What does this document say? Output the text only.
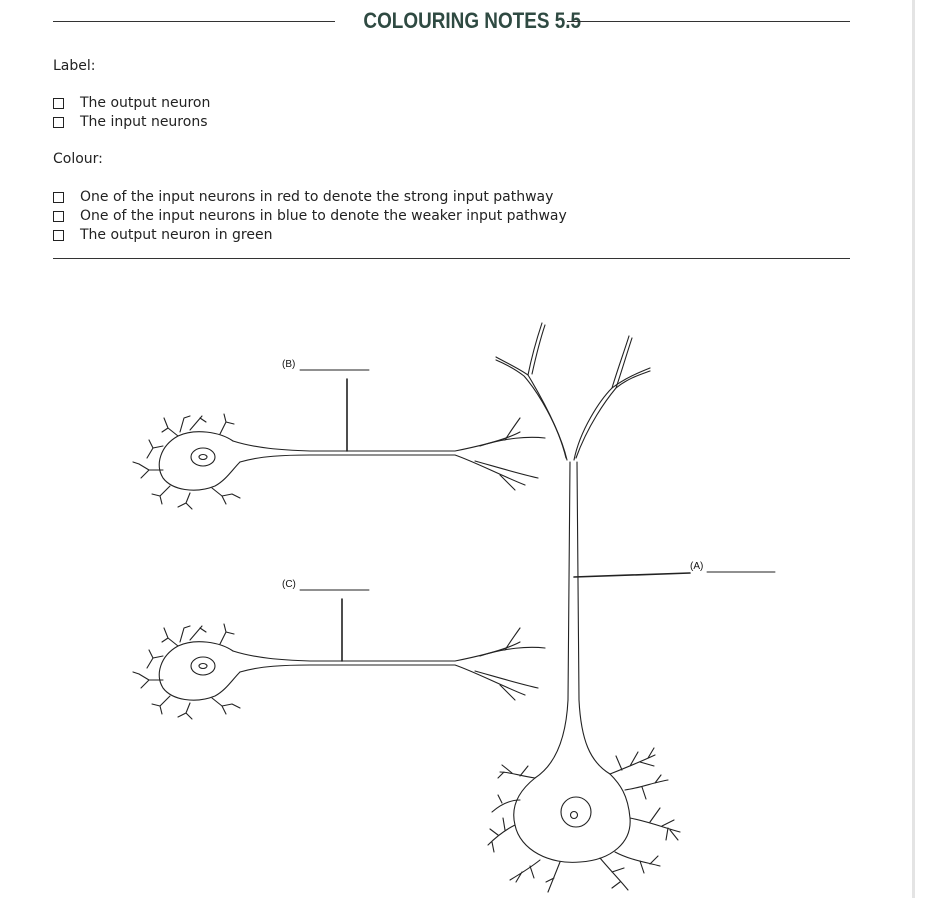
COLOURING NOTES 5.5
Label:
The output neuron
The input neurons
Colour:
One of the input neurons in red to denote the strong input pathway
One of the input neurons in blue to denote the weaker input pathway
The output neuron in green
(B)
(C)
(A)
